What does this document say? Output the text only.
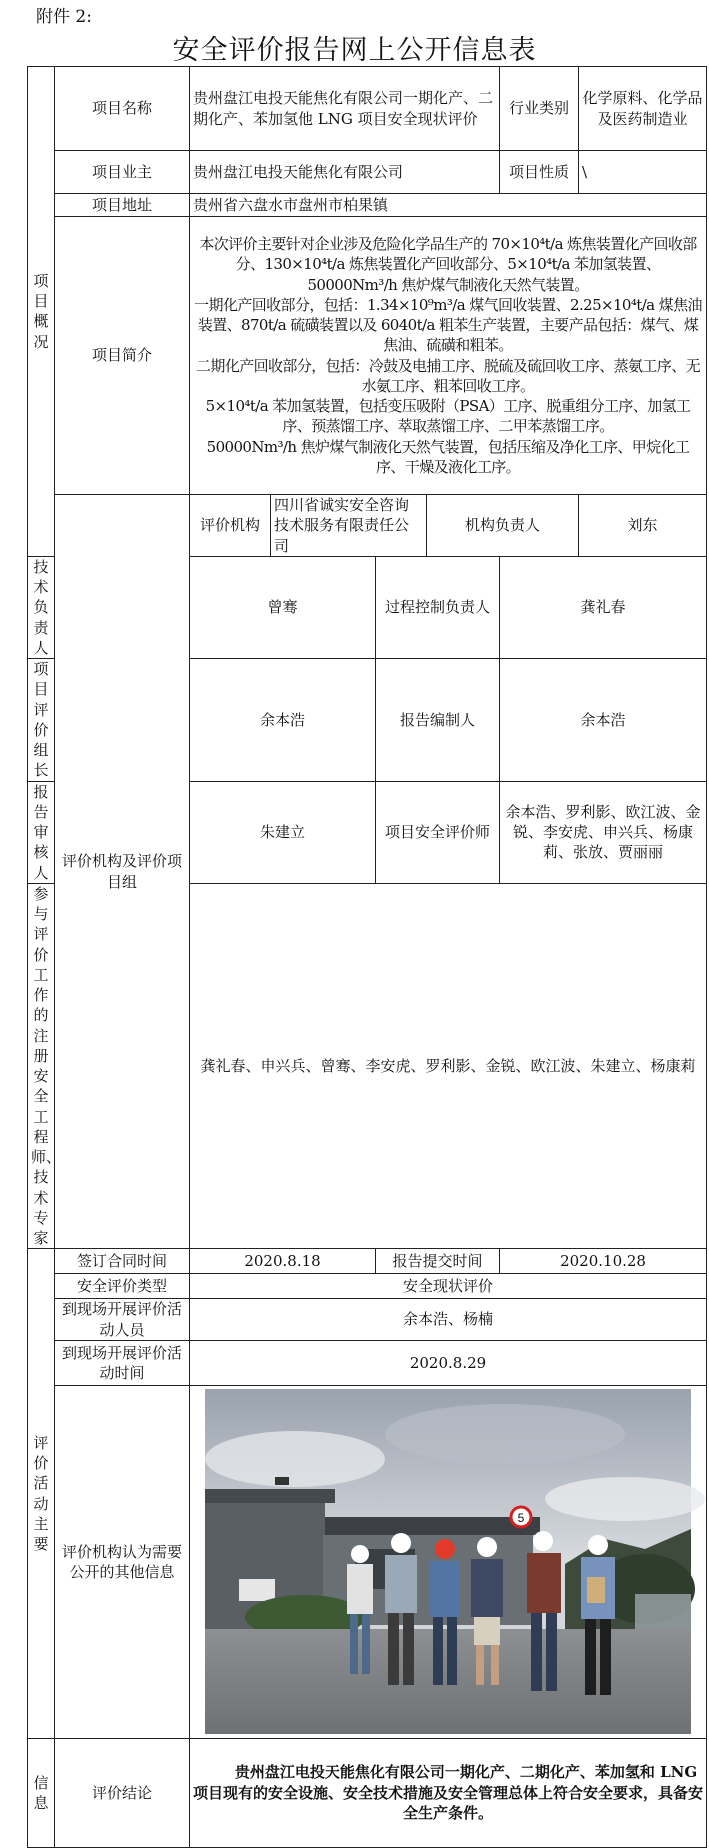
附件 2:
安全评价报告网上公开信息表
项目概况	项目名称	贵州盘江电投天能焦化有限公司一期化产、二期化产、苯加氢他 LNG 项目安全现状评价				行业类别	化学原料、化学品及医药制造业
	项目业主	贵州盘江电投天能焦化有限公司				项目性质	\
	项目地址	贵州省六盘水市盘州市柏果镇					
	项目简介	本次评价主要针对企业涉及危险化学品生产的 70×10⁴t/a 炼焦装置化产回收部分、130×10⁴t/a 炼焦装置化产回收部分、5×10⁴t/a 苯加氢装置、50000Nm³/h 焦炉煤气制液化天然气装置。
一期化产回收部分，包括：1.34×10⁹m³/a 煤气回收装置、2.25×10⁴t/a 煤焦油装置、870t/a 硫磺装置以及 6040t/a 粗苯生产装置，主要产品包括：煤气、煤焦油、硫磺和粗苯。
二期化产回收部分，包括：冷鼓及电捕工序、脱硫及硫回收工序、蒸氨工序、无水氨工序、粗苯回收工序。
5×10⁴t/a 苯加氢装置，包括变压吸附（PSA）工序、脱重组分工序、加氢工序、预蒸馏工序、萃取蒸馏工序、二甲苯蒸馏工序。
50000Nm³/h 焦炉煤气制液化天然气装置，包括压缩及净化工序、甲烷化工序、干燥及液化工序。					

	评价机构及评价项目组	评价机构	四川省诚实安全咨询技术服务有限责任公司		机构负责人		刘东
技术负责人		曾骞		过程控制负责人		龚礼春	
项目评价组长		余本浩		报告编制人		余本浩	
报告审核人		朱建立		项目安全评价师		余本浩、罗利影、欧江波、金锐、李安虎、申兴兵、杨康莉、张放、贾丽丽	
参与评价工作的注册安全工程师、技术专家		龚礼春、申兴兵、曾骞、李安虎、罗利影、金锐、欧江波、朱建立、杨康莉					
评价活动主要	签订合同时间	2020.8.18		报告提交时间		2020.10.28	
	安全评价类型	安全现状评价					
	到现场开展评价活动人员	余本浩、杨楠					
	到现场开展评价活动时间	2020.8.29					
	评价机构认为需要公开的其他信息	5					

信息	评价结论	贵州盘江电投天能焦化有限公司一期化产、二期化产、苯加氢和 LNG 项目现有的安全设施、安全技术措施及安全管理总体上符合安全要求，具备安全生产条件。					
